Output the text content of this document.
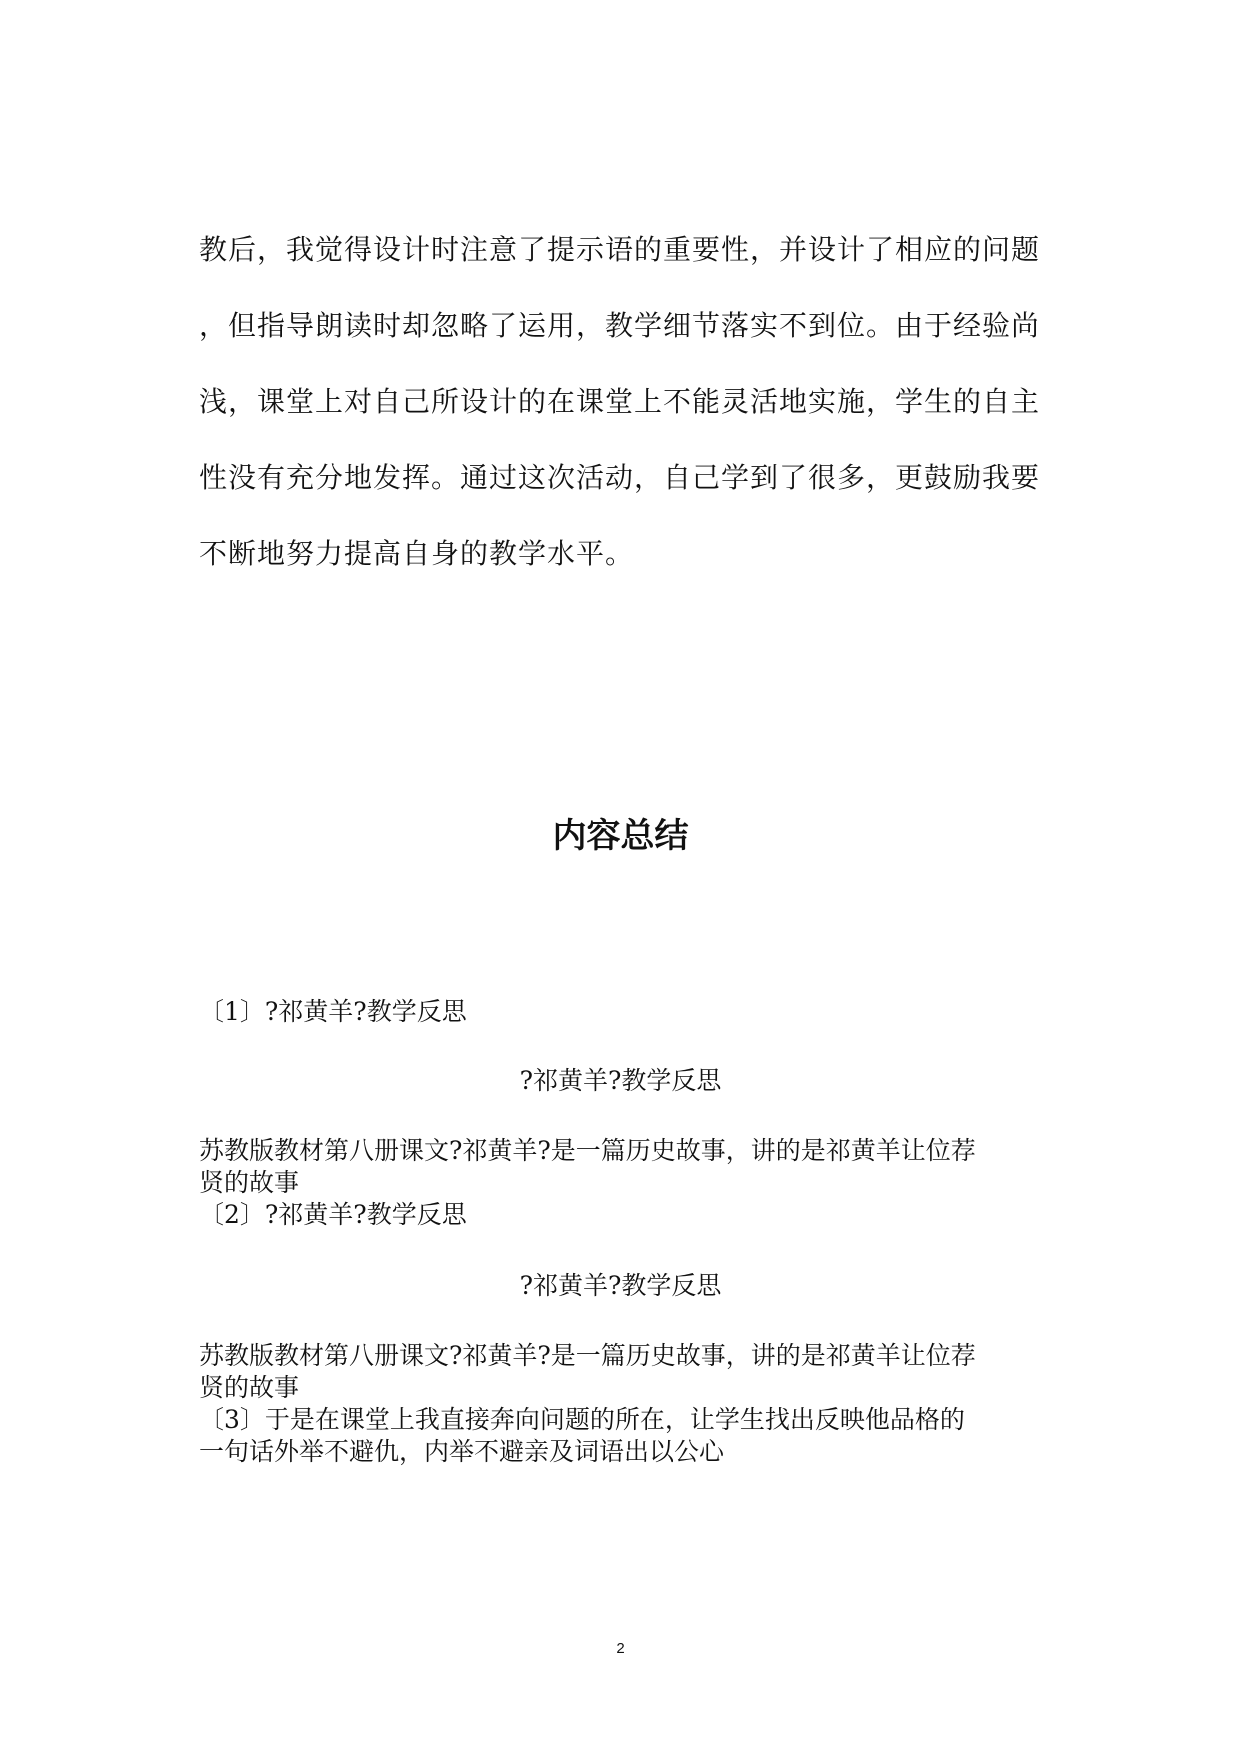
教后，我觉得设计时注意了提示语的重要性，并设计了相应的问题
，但指导朗读时却忽略了运用，教学细节落实不到位。由于经验尚
浅，课堂上对自己所设计的在课堂上不能灵活地实施，学生的自主
性没有充分地发挥。通过这次活动，自己学到了很多，更鼓励我要
不断地努力提高自身的教学水平。
内容总结
〔1〕?祁黄羊?教学反思
?祁黄羊?教学反思
苏教版教材第八册课文?祁黄羊?是一篇历史故事，讲的是祁黄羊让位荐
贤的故事
〔2〕?祁黄羊?教学反思
?祁黄羊?教学反思
苏教版教材第八册课文?祁黄羊?是一篇历史故事，讲的是祁黄羊让位荐
贤的故事
〔3〕于是在课堂上我直接奔向问题的所在，让学生找出反映他品格的
一句话外举不避仇，内举不避亲及词语出以公心
2
